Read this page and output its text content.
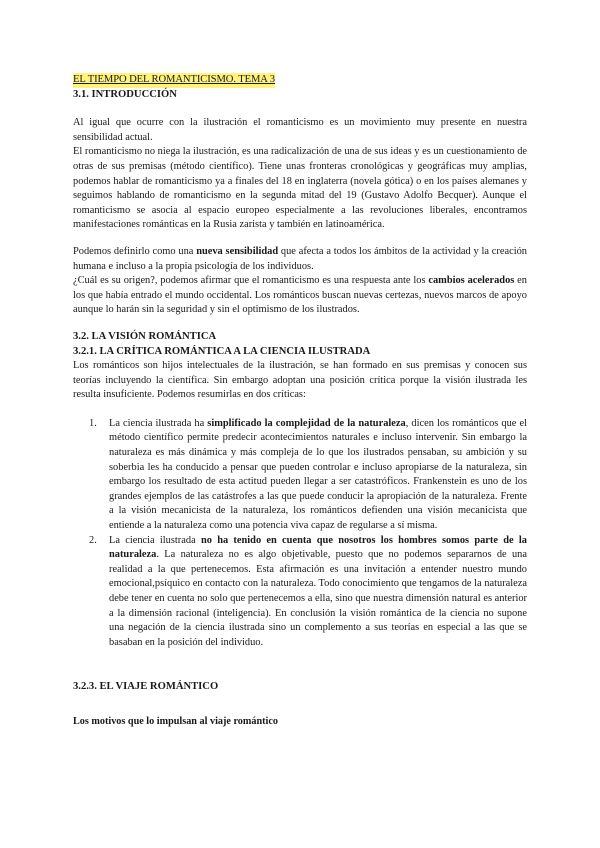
EL TIEMPO DEL ROMANTICISMO. TEMA 3
3.1. INTRODUCCIÓN

Al igual que ocurre con la ilustración el romanticismo es un movimiento muy presente en nuestra sensibilidad actual.

El romanticismo no niega la ilustración, es una radicalización de una de sus ideas y es un cuestionamiento de otras de sus premisas (método científico). Tiene unas fronteras cronológicas y geográficas muy amplias, podemos hablar de romanticismo ya a finales del 18 en inglaterra (novela gótica) o en los países alemanes y seguimos hablando de romanticismo en la segunda mitad del 19 (Gustavo Adolfo Becquer). Aunque el romanticismo se asocia al espacio europeo especialmente a las revoluciones liberales, encontramos manifestaciones románticas en la Rusia zarista y también en latinoamérica.

Podemos definirlo como una nueva sensibilidad que afecta a todos los ámbitos de la actividad y la creación humana e incluso a la propia psicología de los individuos.

¿Cuál es su origen?, podemos afirmar que el romanticismo es una respuesta ante los cambios acelerados en los que había entrado el mundo occidental. Los románticos buscan nuevas certezas, nuevos marcos de apoyo aunque lo harán sin la seguridad y sin el optimismo de los ilustrados.

3.2. LA VISIÓN ROMÁNTICA
3.2.1. LA CRÍTICA ROMÁNTICA A LA CIENCIA ILUSTRADA

Los románticos son hijos intelectuales de la ilustración, se han formado en sus premisas y conocen sus teorías incluyendo la científica. Sin embargo adoptan una posición crítica porque la visión ilustrada les resulta insuficiente. Podemos resumirlas en dos críticas:

1. La ciencia ilustrada ha simplificado la complejidad de la naturaleza, dicen los románticos que el método científico permite predecir acontecimientos naturales e incluso intervenir. Sin embargo la naturaleza es más dinámica y más compleja de lo que los ilustrados pensaban, su ambición y su soberbia les ha conducido a pensar que pueden controlar e incluso apropiarse de la naturaleza, sin embargo los resultado de esta actitud pueden llegar a ser catastróficos. Frankenstein es uno de los grandes ejemplos de las catástrofes a las que puede conducir la apropiación de la naturaleza. Frente a la visión mecanicista de la naturaleza, los románticos defienden una visión mecanicista que entiende a la naturaleza como una potencia viva capaz de regularse a sí misma.
2. La ciencia ilustrada no ha tenido en cuenta que nosotros los hombres somos parte de la naturaleza. La naturaleza no es algo objetivable, puesto que no podemos separarnos de una realidad a la que pertenecemos. Esta afirmación es una invitación a entender nuestro mundo emocional,psíquico en contacto con la naturaleza. Todo conocimiento que tengamos de la naturaleza debe tener en cuenta no solo que pertenecemos a ella, sino que nuestra dimensión natural es anterior a la dimensión racional (inteligencia). En conclusión la visión romántica de la ciencia no supone una negación de la ciencia ilustrada sino un complemento a sus teorías en especial a las que se basaban en la posición del individuo.
3.2.3. EL VIAJE ROMÁNTICO
Los motivos que lo impulsan al viaje romántico
